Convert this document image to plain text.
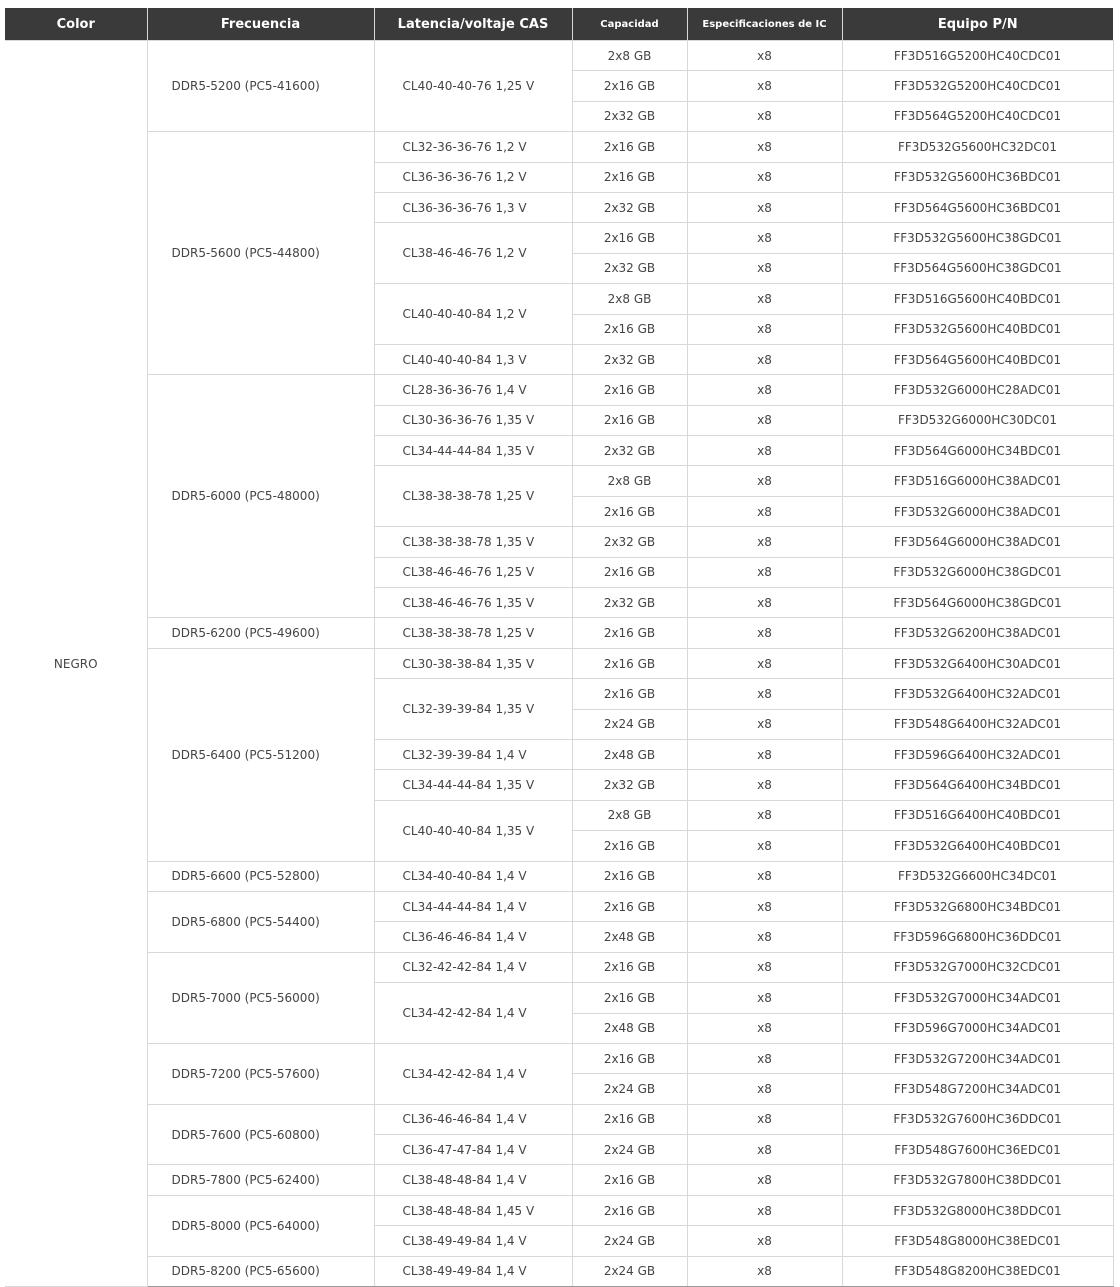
Color	Frecuencia	Latencia/voltaje CAS	Capacidad	Especificaciones de IC	Equipo P/N
NEGRO	DDR5-5200 (PC5-41600)	CL40-40-40-76 1,25 V	2x8 GB	x8	FF3D516G5200HC40CDC01
			2x16 GB	x8	FF3D532G5200HC40CDC01
			2x32 GB	x8	FF3D564G5200HC40CDC01
	DDR5-5600 (PC5-44800)	CL32-36-36-76 1,2 V	2x16 GB	x8	FF3D532G5600HC32DC01
		CL36-36-36-76 1,2 V	2x16 GB	x8	FF3D532G5600HC36BDC01
		CL36-36-36-76 1,3 V	2x32 GB	x8	FF3D564G5600HC36BDC01
		CL38-46-46-76 1,2 V	2x16 GB	x8	FF3D532G5600HC38GDC01
			2x32 GB	x8	FF3D564G5600HC38GDC01
		CL40-40-40-84 1,2 V	2x8 GB	x8	FF3D516G5600HC40BDC01
			2x16 GB	x8	FF3D532G5600HC40BDC01
		CL40-40-40-84 1,3 V	2x32 GB	x8	FF3D564G5600HC40BDC01
	DDR5-6000 (PC5-48000)	CL28-36-36-76 1,4 V	2x16 GB	x8	FF3D532G6000HC28ADC01
		CL30-36-36-76 1,35 V	2x16 GB	x8	FF3D532G6000HC30DC01
		CL34-44-44-84 1,35 V	2x32 GB	x8	FF3D564G6000HC34BDC01
		CL38-38-38-78 1,25 V	2x8 GB	x8	FF3D516G6000HC38ADC01
			2x16 GB	x8	FF3D532G6000HC38ADC01
		CL38-38-38-78 1,35 V	2x32 GB	x8	FF3D564G6000HC38ADC01
		CL38-46-46-76 1,25 V	2x16 GB	x8	FF3D532G6000HC38GDC01
		CL38-46-46-76 1,35 V	2x32 GB	x8	FF3D564G6000HC38GDC01
	DDR5-6200 (PC5-49600)	CL38-38-38-78 1,25 V	2x16 GB	x8	FF3D532G6200HC38ADC01
	DDR5-6400 (PC5-51200)	CL30-38-38-84 1,35 V	2x16 GB	x8	FF3D532G6400HC30ADC01
		CL32-39-39-84 1,35 V	2x16 GB	x8	FF3D532G6400HC32ADC01
			2x24 GB	x8	FF3D548G6400HC32ADC01
		CL32-39-39-84 1,4 V	2x48 GB	x8	FF3D596G6400HC32ADC01
		CL34-44-44-84 1,35 V	2x32 GB	x8	FF3D564G6400HC34BDC01
		CL40-40-40-84 1,35 V	2x8 GB	x8	FF3D516G6400HC40BDC01
			2x16 GB	x8	FF3D532G6400HC40BDC01
	DDR5-6600 (PC5-52800)	CL34-40-40-84 1,4 V	2x16 GB	x8	FF3D532G6600HC34DC01
	DDR5-6800 (PC5-54400)	CL34-44-44-84 1,4 V	2x16 GB	x8	FF3D532G6800HC34BDC01
		CL36-46-46-84 1,4 V	2x48 GB	x8	FF3D596G6800HC36DDC01
	DDR5-7000 (PC5-56000)	CL32-42-42-84 1,4 V	2x16 GB	x8	FF3D532G7000HC32CDC01
		CL34-42-42-84 1,4 V	2x16 GB	x8	FF3D532G7000HC34ADC01
			2x48 GB	x8	FF3D596G7000HC34ADC01
	DDR5-7200 (PC5-57600)	CL34-42-42-84 1,4 V	2x16 GB	x8	FF3D532G7200HC34ADC01
			2x24 GB	x8	FF3D548G7200HC34ADC01
	DDR5-7600 (PC5-60800)	CL36-46-46-84 1,4 V	2x16 GB	x8	FF3D532G7600HC36DDC01
		CL36-47-47-84 1,4 V	2x24 GB	x8	FF3D548G7600HC36EDC01
	DDR5-7800 (PC5-62400)	CL38-48-48-84 1,4 V	2x16 GB	x8	FF3D532G7800HC38DDC01
	DDR5-8000 (PC5-64000)	CL38-48-48-84 1,45 V	2x16 GB	x8	FF3D532G8000HC38DDC01
		CL38-49-49-84 1,4 V	2x24 GB	x8	FF3D548G8000HC38EDC01
	DDR5-8200 (PC5-65600)	CL38-49-49-84 1,4 V	2x24 GB	x8	FF3D548G8200HC38EDC01
